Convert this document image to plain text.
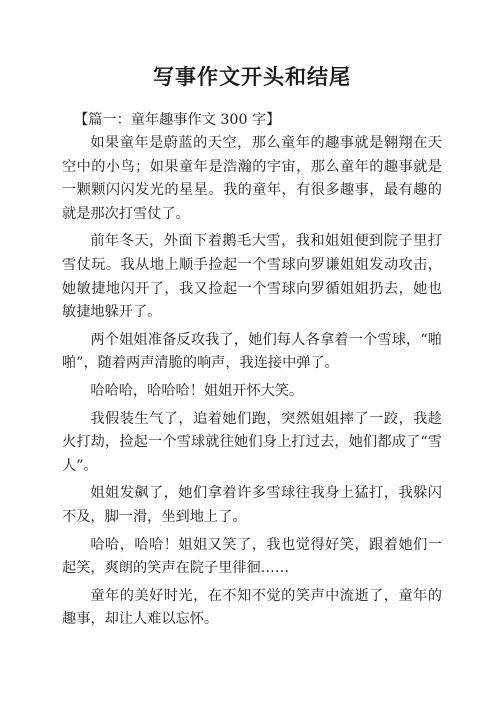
写事作文开头和结尾
【篇一：童年趣事作文 300 字】

如果童年是蔚蓝的天空，那么童年的趣事就是翱翔在天空中的小鸟；如果童年是浩瀚的宇宙，那么童年的趣事就是一颗颗闪闪发光的星星。我的童年，有很多趣事，最有趣的就是那次打雪仗了。

前年冬天，外面下着鹅毛大雪，我和姐姐便到院子里打雪仗玩。我从地上顺手捡起一个雪球向罗谦姐姐发动攻击，她敏捷地闪开了，我又捡起一个雪球向罗循姐姐扔去，她也敏捷地躲开了。

两个姐姐准备反攻我了，她们每人各拿着一个雪球，“啪啪”，随着两声清脆的响声，我连接中弹了。

哈哈哈，哈哈哈！姐姐开怀大笑。

我假装生气了，追着她们跑，突然姐姐摔了一跤，我趁火打劫，捡起一个雪球就往她们身上打过去，她们都成了“雪人”。

姐姐发飙了，她们拿着许多雪球往我身上猛打，我躲闪不及，脚一滑，坐到地上了。

哈哈，哈哈！姐姐又笑了，我也觉得好笑，跟着她们一起笑，爽朗的笑声在院子里徘徊……

童年的美好时光，在不知不觉的笑声中流逝了，童年的趣事，却让人难以忘怀。
